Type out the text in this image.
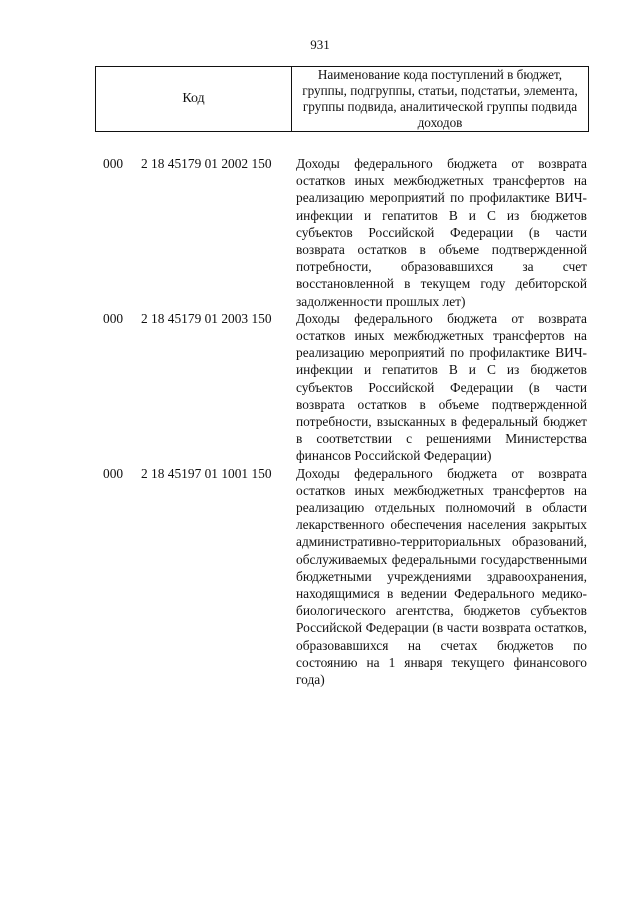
931
Код
Наименование кода поступлений в бюджет, группы, подгруппы, статьи, подстатьи, элемента, группы подвида, аналитической группы подвида доходов
000 2 18 45179 01 2002 150 Доходы федерального бюджета от возврата остатков иных межбюджетных трансфертов на реализацию мероприятий по профилактике ВИЧ-инфекции и гепатитов B и C из бюджетов субъектов Российской Федерации (в части возврата остатков в объеме подтвержденной потребности, образовавшихся за счет восстановленной в текущем году дебиторской задолженности прошлых лет)
000 2 18 45179 01 2003 150 Доходы федерального бюджета от возврата остатков иных межбюджетных трансфертов на реализацию мероприятий по профилактике ВИЧ-инфекции и гепатитов B и C из бюджетов субъектов Российской Федерации (в части возврата остатков в объеме подтвержденной потребности, взысканных в федеральный бюджет в соответствии с решениями Министерства финансов Российской Федерации)
000 2 18 45197 01 1001 150 Доходы федерального бюджета от возврата остатков иных межбюджетных трансфертов на реализацию отдельных полномочий в области лекарственного обеспечения населения закрытых административно-территориальных образований, обслуживаемых федеральными государственными бюджетными учреждениями здравоохранения, находящимися в ведении Федерального медико-биологического агентства, бюджетов субъектов Российской Федерации (в части возврата остатков, образовавшихся на счетах бюджетов по состоянию на 1 января текущего финансового года)
